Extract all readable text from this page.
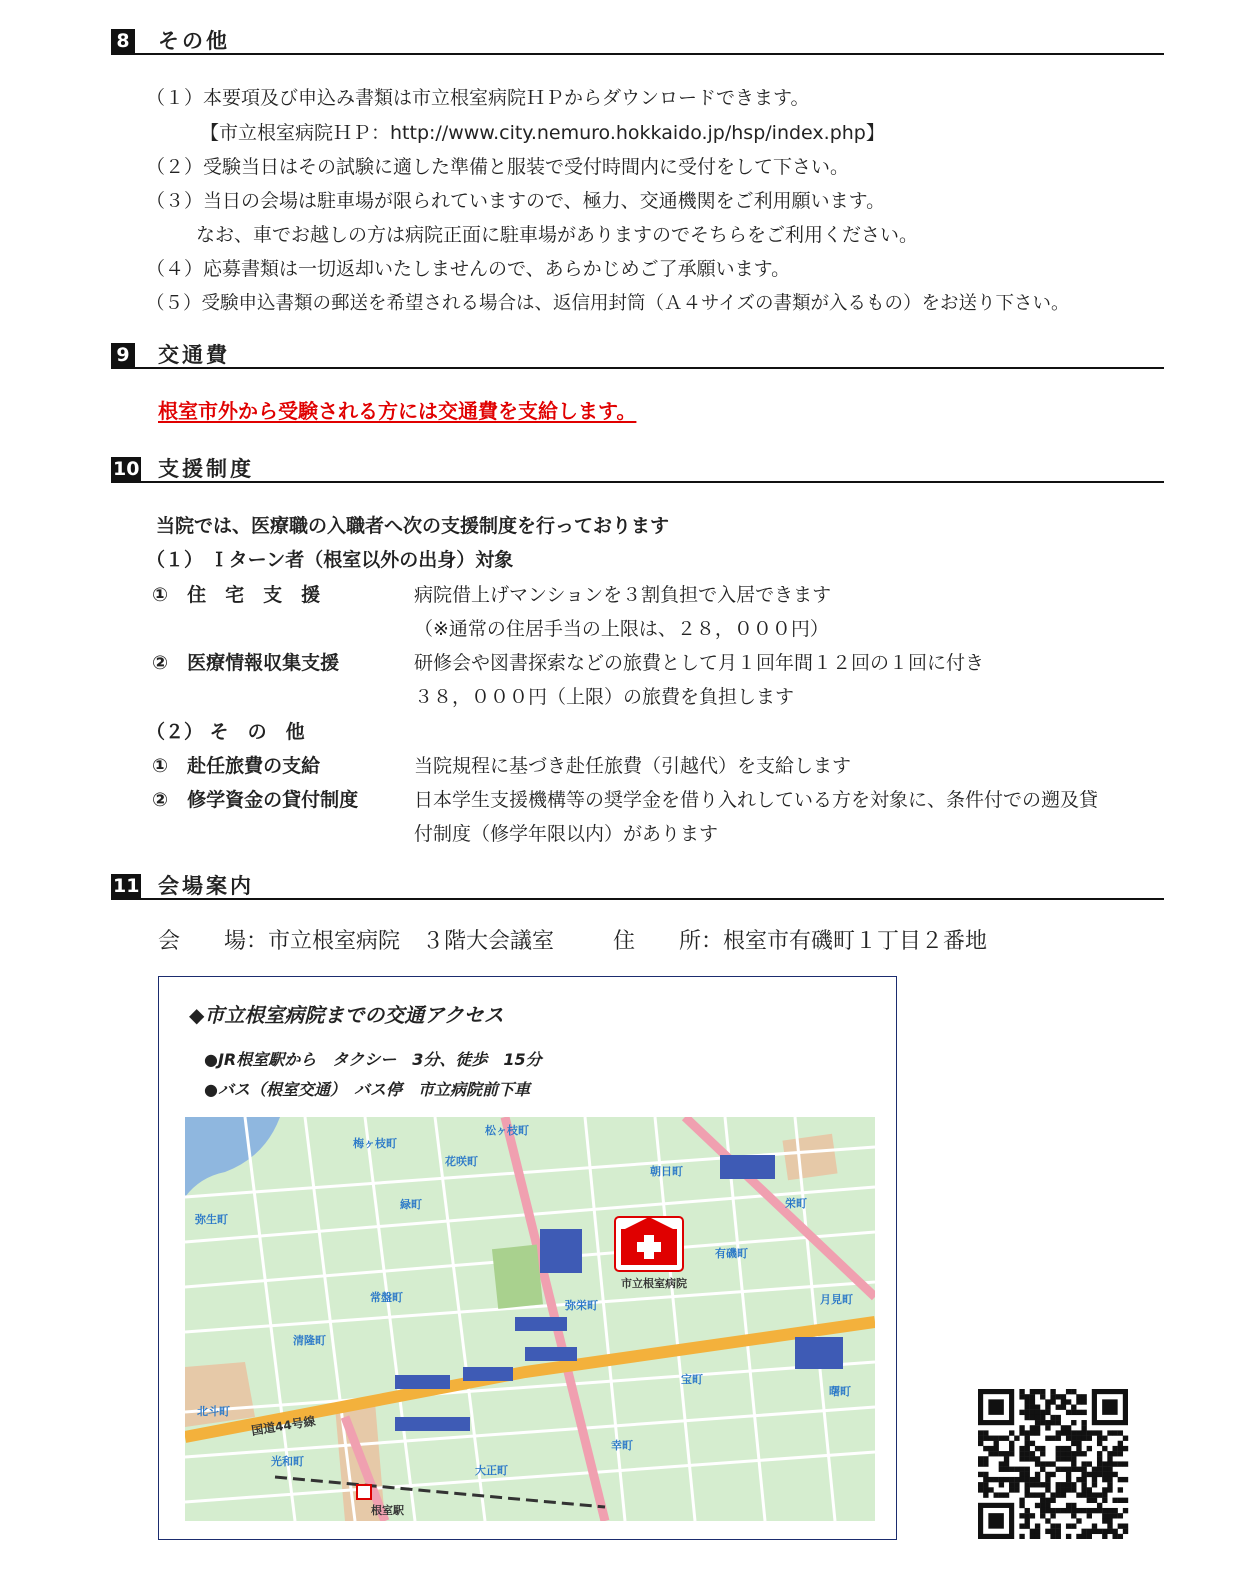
8 その他
（１）本要項及び申込み書類は市立根室病院ＨＰからダウンロードできます。
【市立根室病院ＨＰ：http://www.city.nemuro.hokkaido.jp/hsp/index.php】
（２）受験当日はその試験に適した準備と服装で受付時間内に受付をして下さい。
（３）当日の会場は駐車場が限られていますので、極力、交通機関をご利用願います。
なお、車でお越しの方は病院正面に駐車場がありますのでそちらをご利用ください。
（４）応募書類は一切返却いたしませんので、あらかじめご了承願います。
（５）受験申込書類の郵送を希望される場合は、返信用封筒（Ａ４サイズの書類が入るもの）をお送り下さい。
9 交通費
根室市外から受験される方には交通費を支給します。
10 支援制度
当院では、医療職の入職者へ次の支援制度を行っております
（１） Ｉターン者（根室以外の出身）対象
①　住　宅　支　援	病院借上げマンションを３割負担で入居できます
（※通常の住居手当の上限は、２８，０００円）
②　医療情報収集支援	研修会や図書探索などの旅費として月１回年間１２回の１回に付き
３８，０００円（上限）の旅費を負担します
（２） そ　の　他
①　赴任旅費の支給	当院規程に基づき赴任旅費（引越代）を支給します
②　修学資金の貸付制度	日本学生支援機構等の奨学金を借り入れしている方を対象に、条件付での遡及貸
付制度（修学年限以内）があります
11 会場案内
会　　場：市立根室病院　３階大会議室	住　　所：根室市有磯町１丁目２番地
◆市立根室病院までの交通アクセス
●JR根室駅から　タクシー　3分、徒歩　15分
●バス（根室交通）　バス停　市立病院前下車
梅ヶ枝町
松ヶ枝町
花咲町
緑町
弥生町
朝日町
栄町
有磯町
市立根室病院
常盤町
弥栄町	月見町
清隆町
北斗町
光和町
宝町
曙町
幸町
大正町
根室駅
国道44号線
